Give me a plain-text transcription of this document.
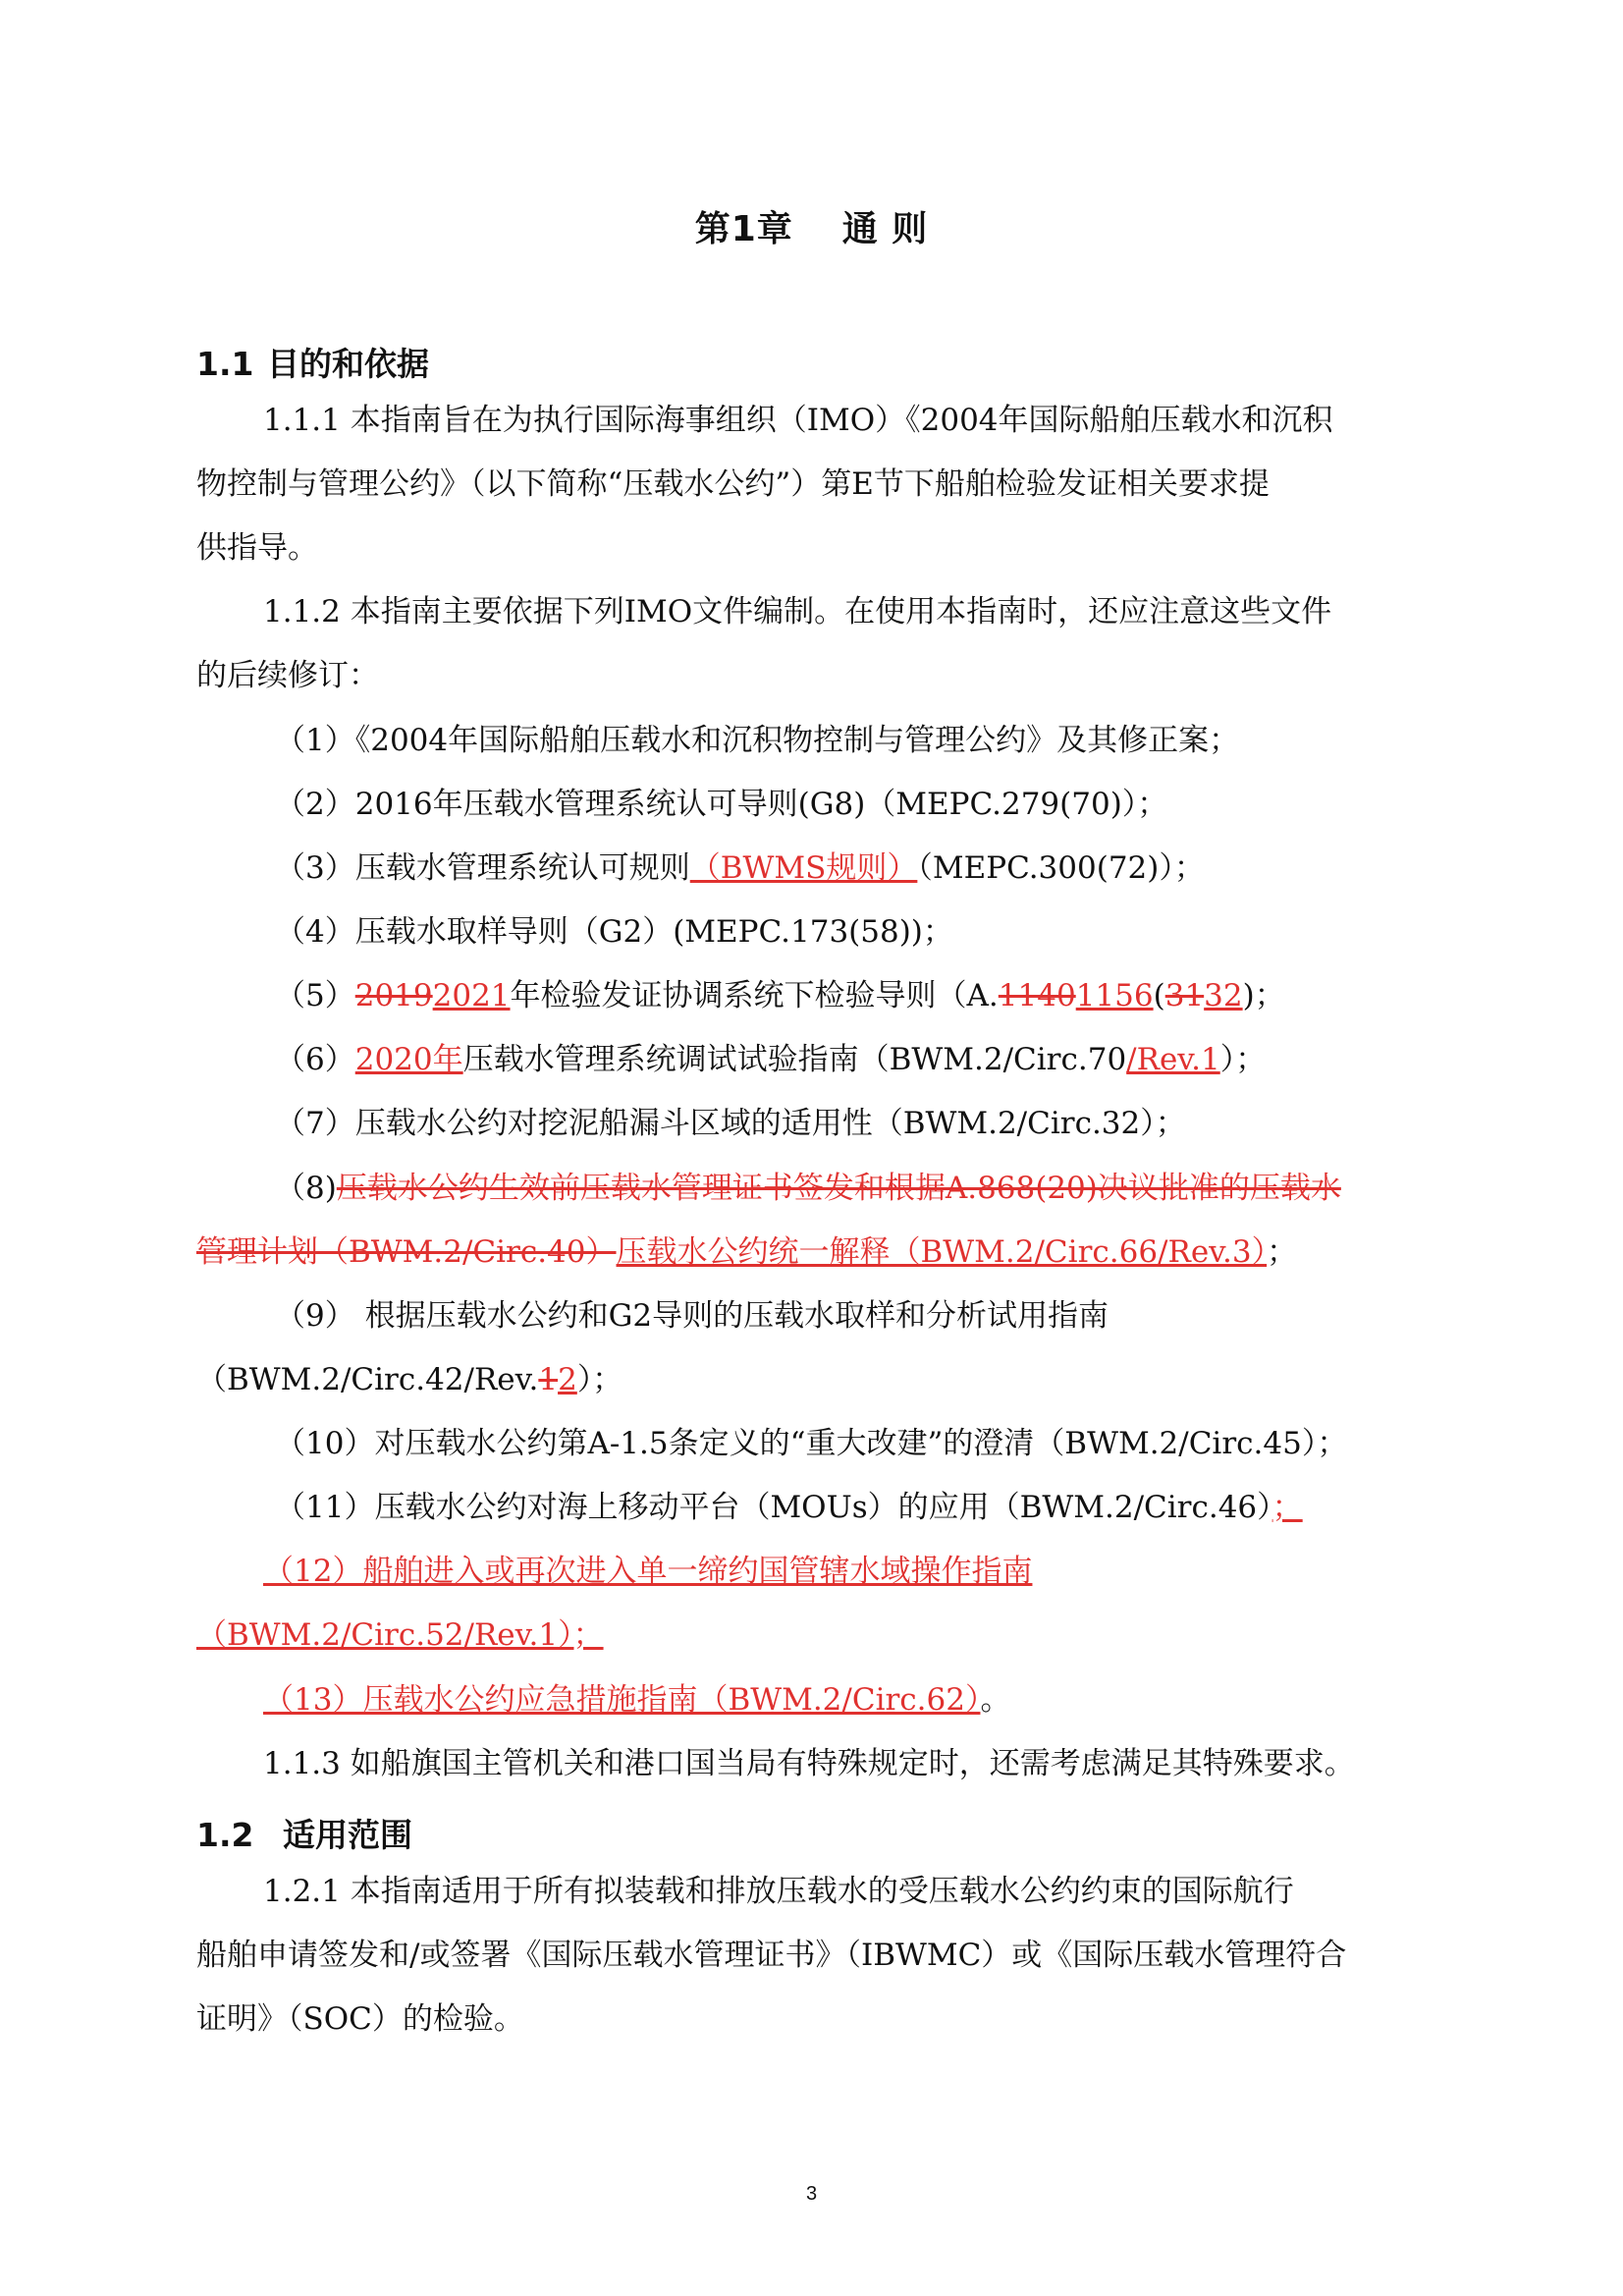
第1章 通 则
1.1 目的和依据
1.1.1 本指南旨在为执行国际海事组织（IMO）《2004年国际船舶压载水和沉积
物控制与管理公约》（以下简称“压载水公约”）第E节下船舶检验发证相关要求提
供指导。
1.1.2 本指南主要依据下列IMO文件编制。在使用本指南时，还应注意这些文件
的后续修订：
（1）《2004年国际船舶压载水和沉积物控制与管理公约》及其修正案；
（2）2016年压载水管理系统认可导则(G8)（MEPC.279(70)）；
（3）压载水管理系统认可规则（BWMS规则）（MEPC.300(72)）；
（4）压载水取样导则（G2）(MEPC.173(58))；
（5）20192021年检验发证协调系统下检验导则（A.11401156(3132)；
（6）2020年压载水管理系统调试试验指南（BWM.2/Circ.70/Rev.1）；
（7）压载水公约对挖泥船漏斗区域的适用性（BWM.2/Circ.32）；
（8)压载水公约生效前压载水管理证书签发和根据A.868(20)决议批准的压载水
管理计划（BWM.2/Circ.40）压载水公约统一解释（BWM.2/Circ.66/Rev.3）；
（9） 根据压载水公约和G2导则的压载水取样和分析试用指南
（BWM.2/Circ.42/Rev.12）；
（10）对压载水公约第A-1.5条定义的“重大改建”的澄清（BWM.2/Circ.45）；
（11）压载水公约对海上移动平台（MOUs）的应用（BWM.2/Circ.46）；
（12）船舶进入或再次进入单一缔约国管辖水域操作指南
（BWM.2/Circ.52/Rev.1）；
（13）压载水公约应急措施指南（BWM.2/Circ.62）。
1.1.3 如船旗国主管机关和港口国当局有特殊规定时，还需考虑满足其特殊要求。
1.2 适用范围
1.2.1 本指南适用于所有拟装载和排放压载水的受压载水公约约束的国际航行
船舶申请签发和/或签署《国际压载水管理证书》（IBWMC）或《国际压载水管理符合
证明》（SOC）的检验。
3
